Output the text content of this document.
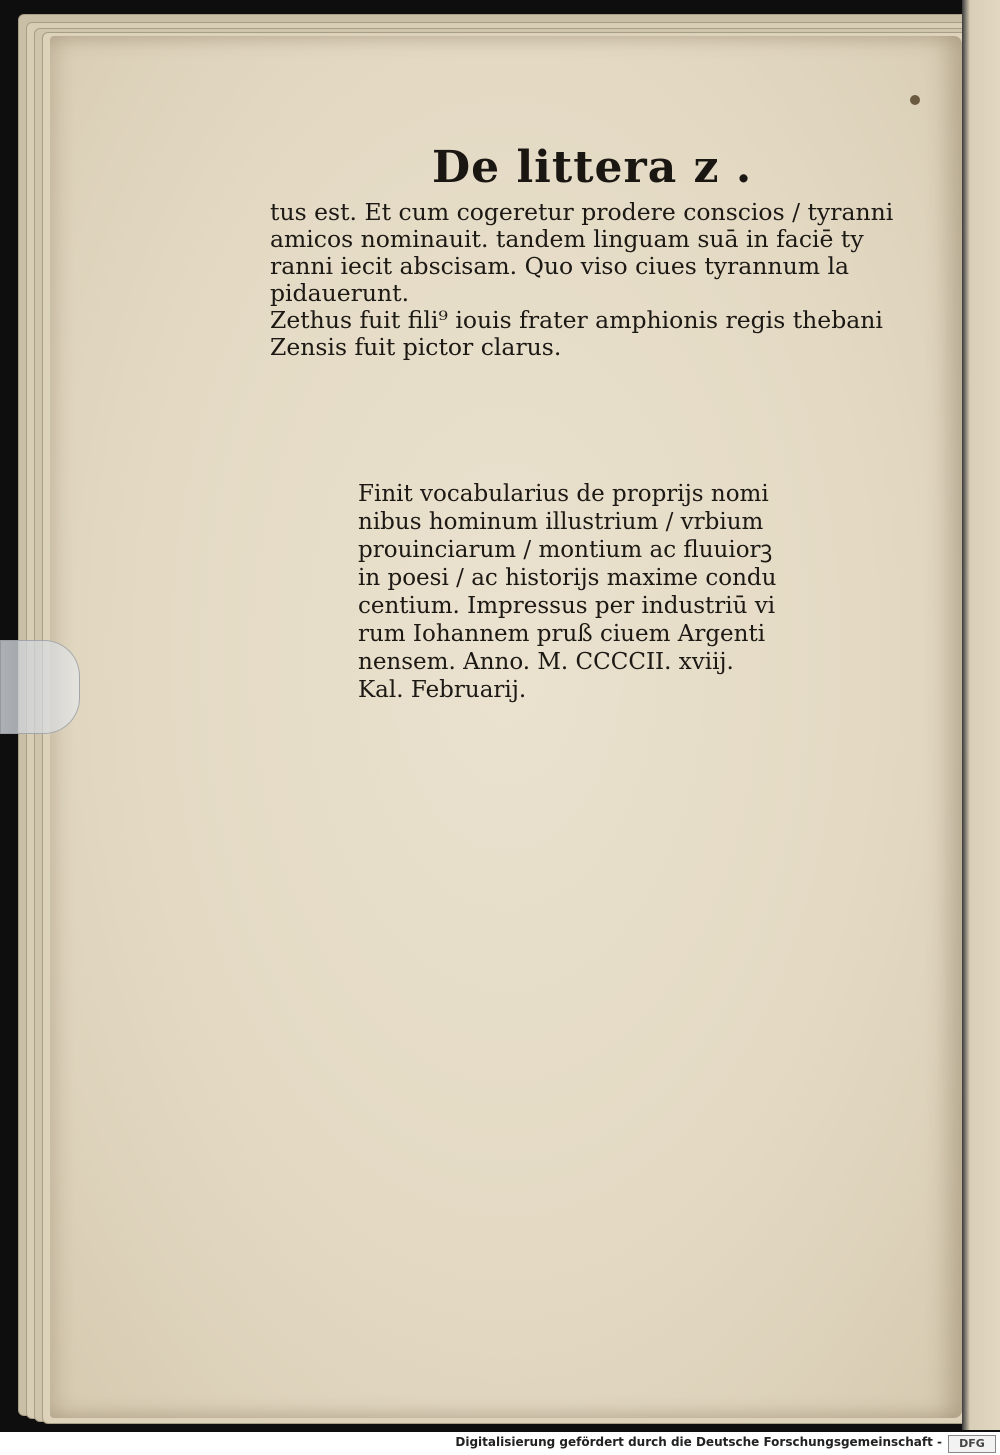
De littera z .
tus est. Et cum cogeretur prodere conscios / tyranni
amicos nominauit. tandem linguam suā in faciē ty
ranni iecit abscisam. Quo viso ciues tyrannum la
pidauerunt.
Zethus fuit fili⁹ iouis frater amphionis regis thebani
Zensis fuit pictor clarus.
Finit vocabularius de proprijs nomi
nibus hominum illustrium / vrbium
prouinciarum / montium ac fluuiorꝫ
in poesi / ac historijs maxime condu
centium. Impressus per industriū vi
rum Iohannem pruß ciuem Argenti
nensem. Anno. M. CCCCII. xviij.
Kal. Februarij.
Digitalisierung gefördert durch die Deutsche Forschungsgemeinschaft -	DFG
